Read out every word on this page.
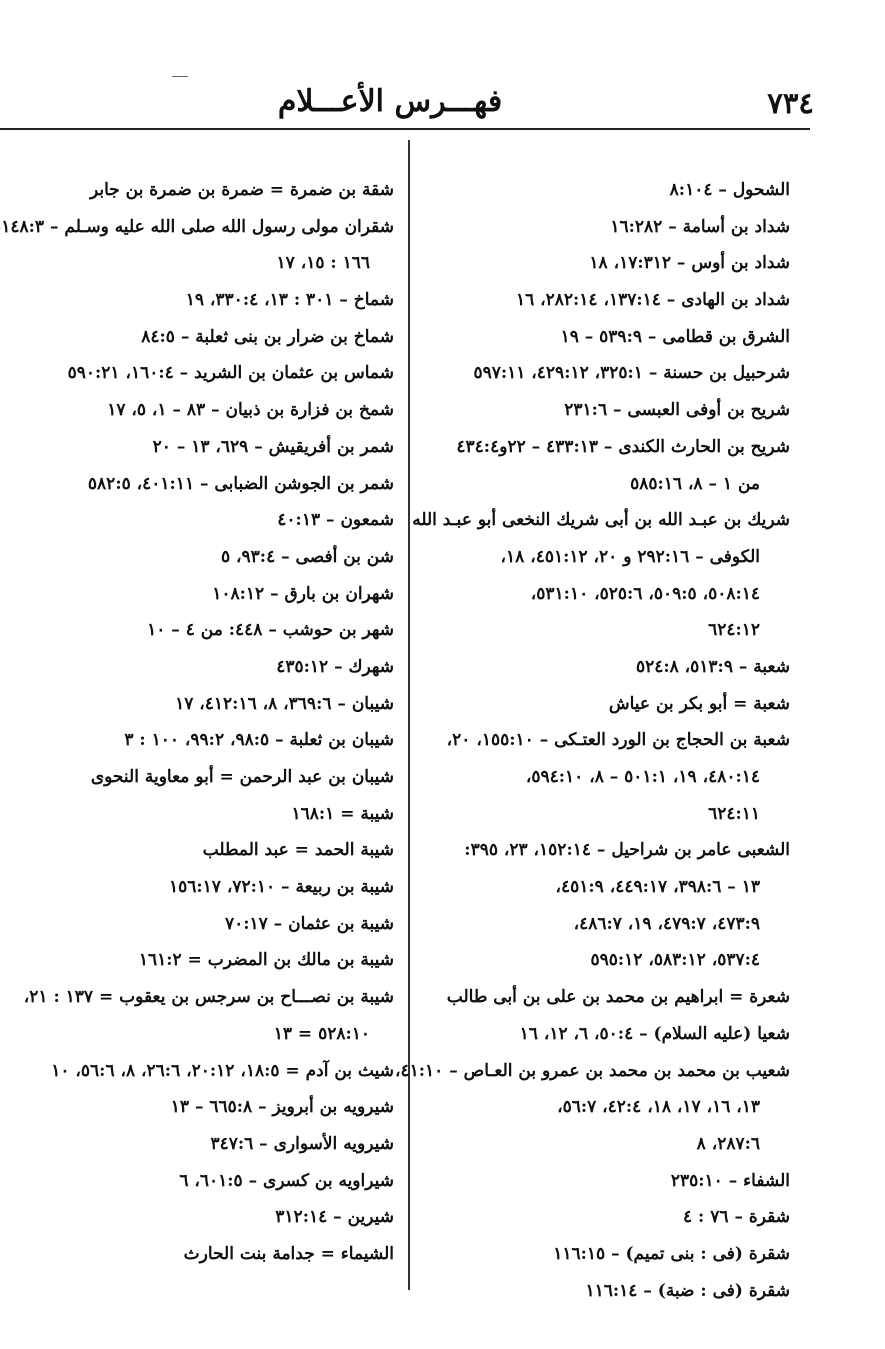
٧٣٤
فهـــرس الأعـــلام
الشحول – ٨:١٠٤
شداد بن أسامة – ١٦:٢٨٢
شداد بن أوس – ١٧:٣١٢، ١٨
شداد بن الهادى – ١٣٧:١٤، ٢٨٢:١٤، ١٦
الشرق بن قطامى – ٥٣٩:٩ – ١٩
شرحبيل بن حسنة – ٣٢٥:١، ٤٢٩:١٢، ٥٩٧:١١
شريح بن أوفى العبسى – ٢٣١:٦
شريح بن الحارث الكندى – ٤٣٣:١٣ – ٢٢و٤٣٤:٤
من ١ – ٨، ٥٨٥:١٦
شريك بن عبـد الله بن أبى شريك النخعى أبو عبـد الله
الكوفى – ٢٩٢:١٦ و ٢٠، ٤٥١:١٢، ١٨،
٥٠٨:١٤، ٥٠٩:٥، ٥٢٥:٦، ٥٣١:١٠،
٦٢٤:١٢
شعبة – ٥١٣:٩، ٥٢٤:٨
شعبة = أبو بكر بن عياش
شعبة بن الحجاج بن الورد العتـكى – ١٥٥:١٠، ٢٠،
٤٨٠:١٤، ١٩، ٥٠١:١ – ٨، ٥٩٤:١٠،
٦٢٤:١١
الشعبى عامر بن شراحيل – ١٥٢:١٤، ٢٣، ٣٩٥:
١٣ – ٣٩٨:٦، ٤٤٩:١٧، ٤٥١:٩،
٤٧٣:٩، ٤٧٩:٧، ١٩، ٤٨٦:٧،
٥٣٧:٤، ٥٨٣:١٢، ٥٩٥:١٢
شعرة = ابراهيم بن محمد بن على بن أبى طالب
شعيا (عليه السلام) – ٥٠:٤، ٦، ١٢، ١٦
شعيب بن محمد بن محمد بن عمرو بن العـاص – ٤١:١٠،
١٣، ١٦، ١٧، ١٨، ٤٢:٤، ٥٦:٧،
٢٨٧:٦، ٨
الشفاء – ٢٣٥:١٠
شقرة – ٧٦ : ٤
شقرة (فى : بنى تميم) – ١١٦:١٥
شقرة (فى : ضبة) – ١١٦:١٤
شقة بن ضمرة = ضمرة بن ضمرة بن جابر
شقران مولى رسول الله صلى الله عليه وسـلم – ١٤٨:٣
١٦٦ : ١٥، ١٧
شماخ – ٣٠١ : ١٣، ٣٣٠:٤، ١٩
شماخ بن ضرار بن بنى ثعلبة – ٨٤:٥
شماس بن عثمان بن الشريد – ١٦٠:٤، ٥٩٠:٢١
شمخ بن فزارة بن ذبيان – ٨٣ – ١، ٥، ١٧
شمر بن أفريقيش – ٦٢٩، ١٣ – ٢٠
شمر بن الجوشن الضبابى – ٤٠١:١١، ٥٨٢:٥
شمعون – ٤٠:١٣
شن بن أفصى – ٩٣:٤، ٥
شهران بن بارق – ١٠٨:١٢
شهر بن حوشب – ٤٤٨: من ٤ – ١٠
شهرك – ٤٣٥:١٢
شيبان – ٣٦٩:٦، ٨، ٤١٢:١٦، ١٧
شيبان بن ثعلبة – ٩٨:٥، ٩٩:٢، ١٠٠ : ٣
شيبان بن عبد الرحمن = أبو معاوية النحوى
شيبة = ١٦٨:١
شيبة الحمد = عبد المطلب
شيبة بن ربيعة – ٧٢:١٠، ١٥٦:١٧
شيبة بن عثمان – ٧٠:١٧
شيبة بن مالك بن المضرب = ١٦١:٢
شيبة بن نصـــاح بن سرجس بن يعقوب = ١٣٧ : ٢١،
٥٢٨:١٠ = ١٣
شيث بن آدم = ١٨:٥، ٢٠:١٢، ٢٦:٦، ٨، ٥٦:٦، ١٠
شيرويه بن أبرويز – ٦٦٥:٨ – ١٣
شيرويه الأسوارى – ٣٤٧:٦
شيراويه بن كسرى – ٦٠١:٥، ٦
شيرين – ٣١٢:١٤
الشيماء = جدامة بنت الحارث
